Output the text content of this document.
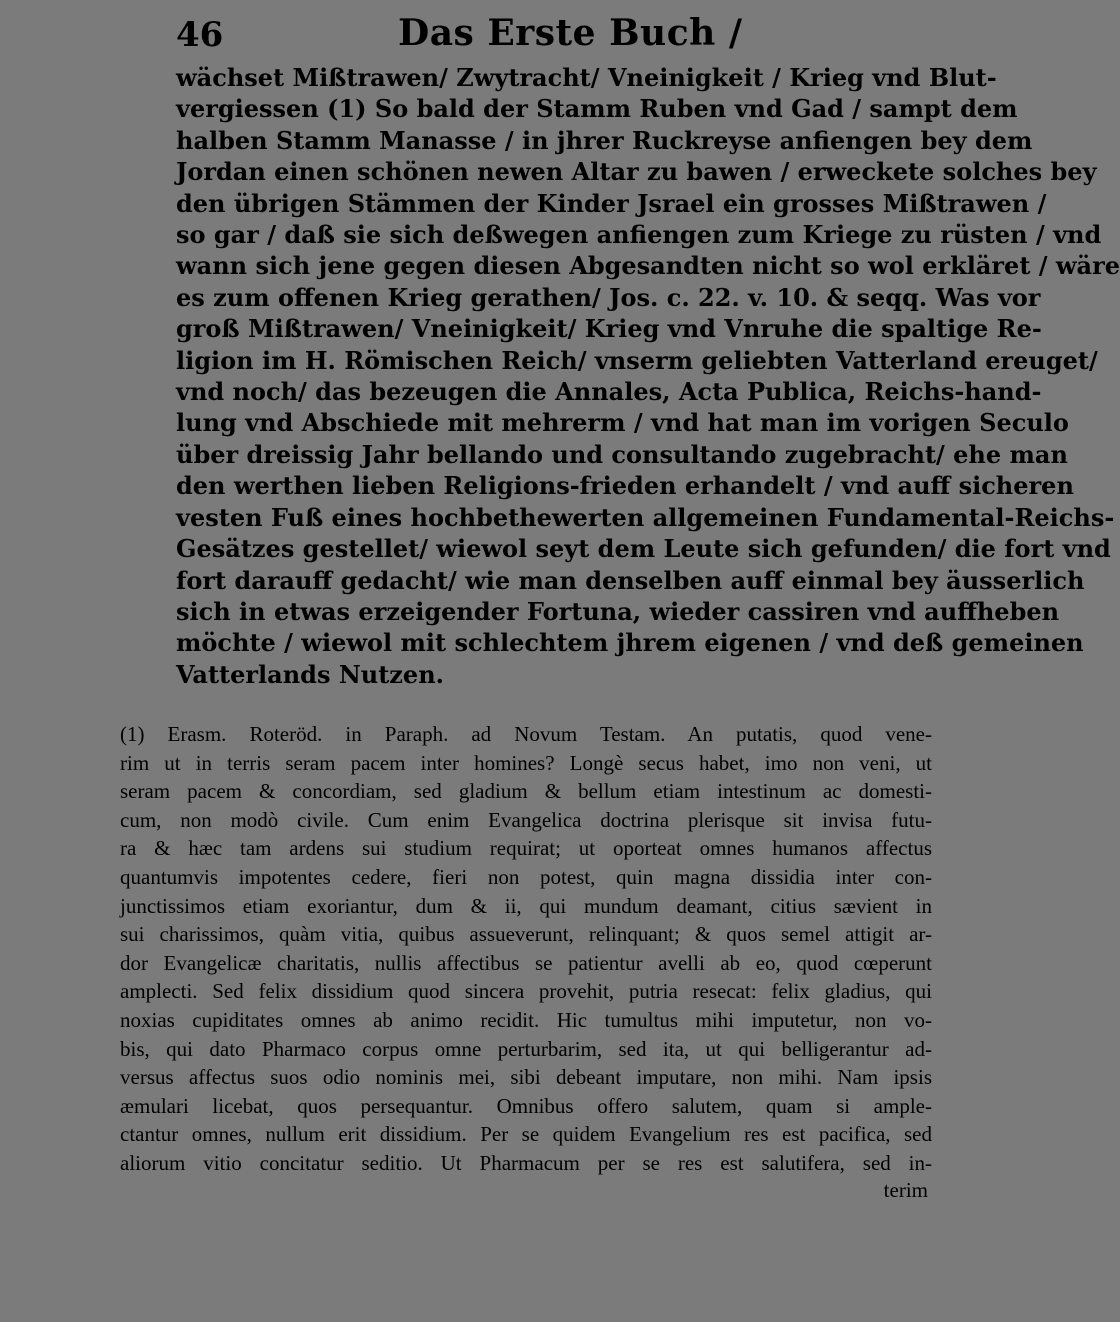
46	Das Erste Buch /
wächset Mißtrawen/ Zwytracht/ Vneinigkeit / Krieg vnd Blut-
vergiessen (1) So bald der Stamm Ruben vnd Gad / sampt dem
halben Stamm Manasse / in jhrer Ruckreyse anfiengen bey dem
Jordan einen schönen newen Altar zu bawen / erweckete solches bey
den übrigen Stämmen der Kinder Jsrael ein grosses Mißtrawen /
so gar / daß sie sich deßwegen anfiengen zum Kriege zu rüsten / vnd
wann sich jene gegen diesen Abgesandten nicht so wol erkläret / wäre
es zum offenen Krieg gerathen/ Jos. c. 22. v. 10. & seqq. Was vor
groß Mißtrawen/ Vneinigkeit/ Krieg vnd Vnruhe die spaltige Re-
ligion im H. Römischen Reich/ vnserm geliebten Vatterland ereuget/
vnd noch/ das bezeugen die Annales, Acta Publica, Reichs-hand-
lung vnd Abschiede mit mehrerm / vnd hat man im vorigen Seculo
über dreissig Jahr bellando und consultando zugebracht/ ehe man
den werthen lieben Religions-frieden erhandelt / vnd auff sicheren
vesten Fuß eines hochbethewerten allgemeinen Fundamental-Reichs-
Gesätzes gestellet/ wiewol seyt dem Leute sich gefunden/ die fort vnd
fort darauff gedacht/ wie man denselben auff einmal bey äusserlich
sich in etwas erzeigender Fortuna, wieder cassiren vnd auffheben
möchte / wiewol mit schlechtem jhrem eigenen / vnd deß gemeinen
Vatterlands Nutzen.
(1) Erasm. Roteröd. in Paraph. ad Novum Testam. An putatis, quod vene-
rim ut in terris seram pacem inter homines? Longè secus habet, imo non veni, ut
seram pacem & concordiam, sed gladium & bellum etiam intestinum ac domesti-
cum, non modò civile. Cum enim Evangelica doctrina plerisque sit invisa futu-
ra & hæc tam ardens sui studium requirat; ut oporteat omnes humanos affectus
quantumvis impotentes cedere, fieri non potest, quin magna dissidia inter con-
junctissimos etiam exoriantur, dum & ii, qui mundum deamant, citius sævient in
sui charissimos, quàm vitia, quibus assueverunt, relinquant; & quos semel attigit ar-
dor Evangelicæ charitatis, nullis affectibus se patientur avelli ab eo, quod cœperunt
amplecti. Sed felix dissidium quod sincera provehit, putria resecat: felix gladius, qui
noxias cupiditates omnes ab animo recidit. Hic tumultus mihi imputetur, non vo-
bis, qui dato Pharmaco corpus omne perturbarim, sed ita, ut qui belligerantur ad-
versus affectus suos odio nominis mei, sibi debeant imputare, non mihi. Nam ipsis
æmulari licebat, quos persequantur. Omnibus offero salutem, quam si ample-
ctantur omnes, nullum erit dissidium. Per se quidem Evangelium res est pacifica, sed
aliorum vitio concitatur seditio. Ut Pharmacum per se res est salutifera, sed in-
terim
